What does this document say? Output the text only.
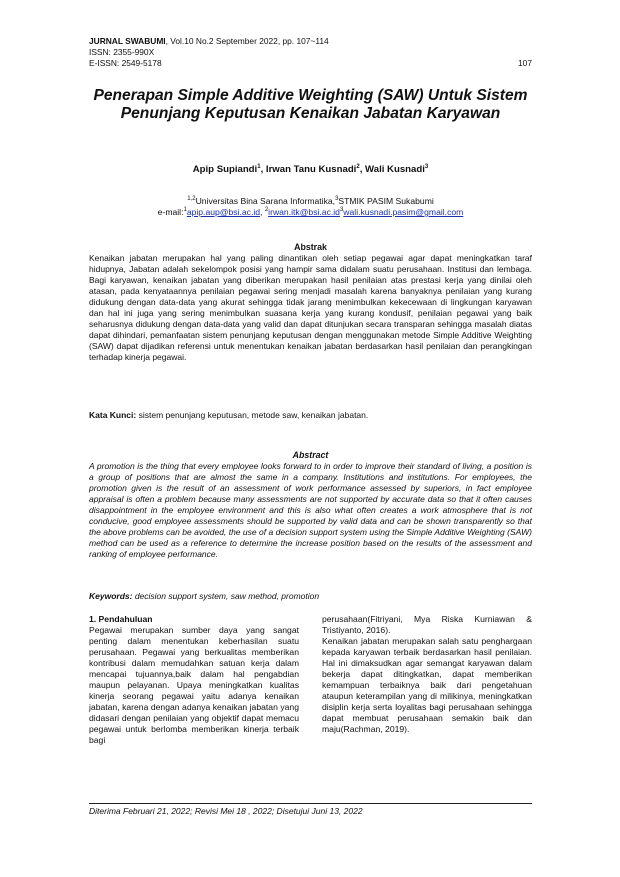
JURNAL SWABUMI, Vol.10 No.2 September 2022, pp. 107~114
ISSN: 2355-990X
E-ISSN: 2549-5178	107
Penerapan Simple Additive Weighting (SAW) Untuk Sistem Penunjang Keputusan Kenaikan Jabatan Karyawan
Apip Supiandi$^1$, Irwan Tanu Kusnadi$^2$, Wali Kusnadi$^3$
$^{1,2}$Universitas Bina Sarana Informatika,$^3$STMIK PASIM Sukabumi
e-mail:$^1$apip.aup@bsi.ac.id, $^2irwan.itk@bsi.ac.id^3wali.kusnadi.pasim@gmail.com$
Abstrak

Kenaikan jabatan merupakan hal yang paling dinantikan oleh setiap pegawai agar dapat meningkatkan taraf hidupnya, Jabatan adalah sekelompok posisi yang hampir sama didalam suatu perusahaan. Institusi dan lembaga. Bagi karyawan, kenaikan jabatan yang diberikan merupakan hasil penilaian atas prestasi kerja yang dinilai oleh atasan, pada kenyataannya penilaian pegawai sering menjadi masalah karena banyaknya penilaian yang kurang didukung dengan data-data yang akurat sehingga tidak jarang menimbulkan kekecewaan di lingkungan karyawan dan hal ini juga yang sering menimbulkan suasana kerja yang kurang kondusif, penilaian pegawai yang baik seharusnya didukung dengan data-data yang valid dan dapat ditunjukan secara transparan sehingga masalah diatas dapat dihindari, pemanfaatan sistem penunjang keputusan dengan menggunakan metode Simple Additive Weighting (SAW) dapat dijadikan referensi untuk menentukan kenaikan jabatan berdasarkan hasil penilaian dan perangkingan terhadap kinerja pegawai.

Kata Kunci: sistem penunjang keputusan, metode saw, kenaikan jabatan.

Abstract

A promotion is the thing that every employee looks forward to in order to improve their standard of living, a position is a group of positions that are almost the same in a company. Institutions and institutions. For employees, the promotion given is the result of an assessment of work performance assessed by superiors, in fact employee appraisal is often a problem because many assessments are not supported by accurate data so that it often causes disappointment in the employee environment and this is also what often creates a work atmosphere that is not conducive, good employee assessments should be supported by valid data and can be shown transparently so that the above problems can be avoided, the use of a decision support system using the Simple Additive Weighting (SAW) method can be used as a reference to determine the increase position based on the results of the assessment and ranking of employee performance.

Keywords: decision support system, saw method, promotion

1. Pendahuluan

Pegawai merupakan sumber daya yang sangat penting dalam menentukan keberhasilan suatu perusahaan. Pegawai yang berkualitas memberikan kontribusi dalam memudahkan satuan kerja dalam mencapai tujuannya,baik dalam hal pengabdian maupun pelayanan. Upaya meningkatkan kualitas kinerja seorang pegawai yaitu adanya kenaikan jabatan, karena dengan adanya kenaikan jabatan yang didasari dengan penilaian yang objektif dapat memacu pegawai untuk berlomba memberikan kinerja terbaik bagi

perusahaan(Fitriyani, Mya Riska Kurniawan & Tristiyanto, 2016).

Kenaikan jabatan merupakan salah satu penghargaan kepada karyawan terbaik berdasarkan hasil penilaian. Hal ini dimaksudkan agar semangat karyawan dalam bekerja dapat ditingkatkan, dapat memberikan kemampuan terbaiknya baik dari pengetahuan ataupun keterampilan yang di milikinya, meningkatkan disiplin kerja serta loyalitas bagi perusahaan sehingga dapat membuat perusahaan semakin baik dan maju(Rachman, 2019).

Diterima Februari 21, 2022; Revisi Mei 18 , 2022; Disetujui Juni 13, 2022
